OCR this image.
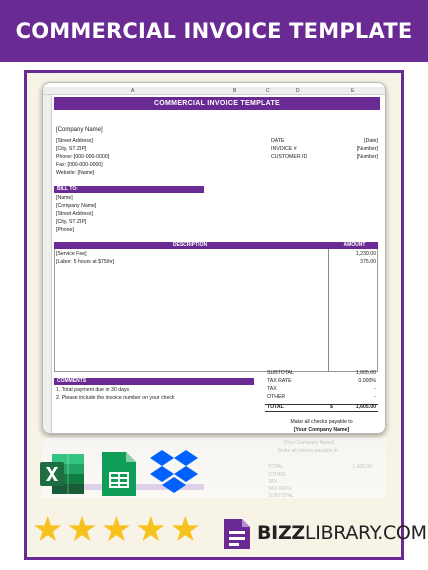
COMMERCIAL INVOICE TEMPLATE
A	B	C	D	E
COMMERCIAL INVOICE TEMPLATE
[Company Name]
[Street Address]
[City, ST ZIP]
Phone: [000-000-0000]
Fax: [000-000-0000]
Website: [Name]
DATE	[Date]
INVOICE #	[Number]
CUSTOMER ID	[Number]
BILL TO:
[Name]
[Company Name]
[Street Address]
[City, ST ZIP]
[Phone]
DESCRIPTION	AMOUNT
[Service Fee]	1,230.00
[Labor: 5 hours at $75/hr]	375.00
COMMENTS
1. Total payment due in 30 days
2. Please include the invoice number on your check
SUBTOTAL	1,605.00
TAX RATE	0.000%
TAX	-
OTHER	-
TOTAL	$	1,605.00
Make all checks payable to
[Your Company Name]
[Your Company Name]
Make all checks payable to
TOTAL	1,605.00
OTHER
TAX
TAX RATE
SUBTOTAL
★ ★ ★ ★ ★	BIZZLIBRARY.COM
